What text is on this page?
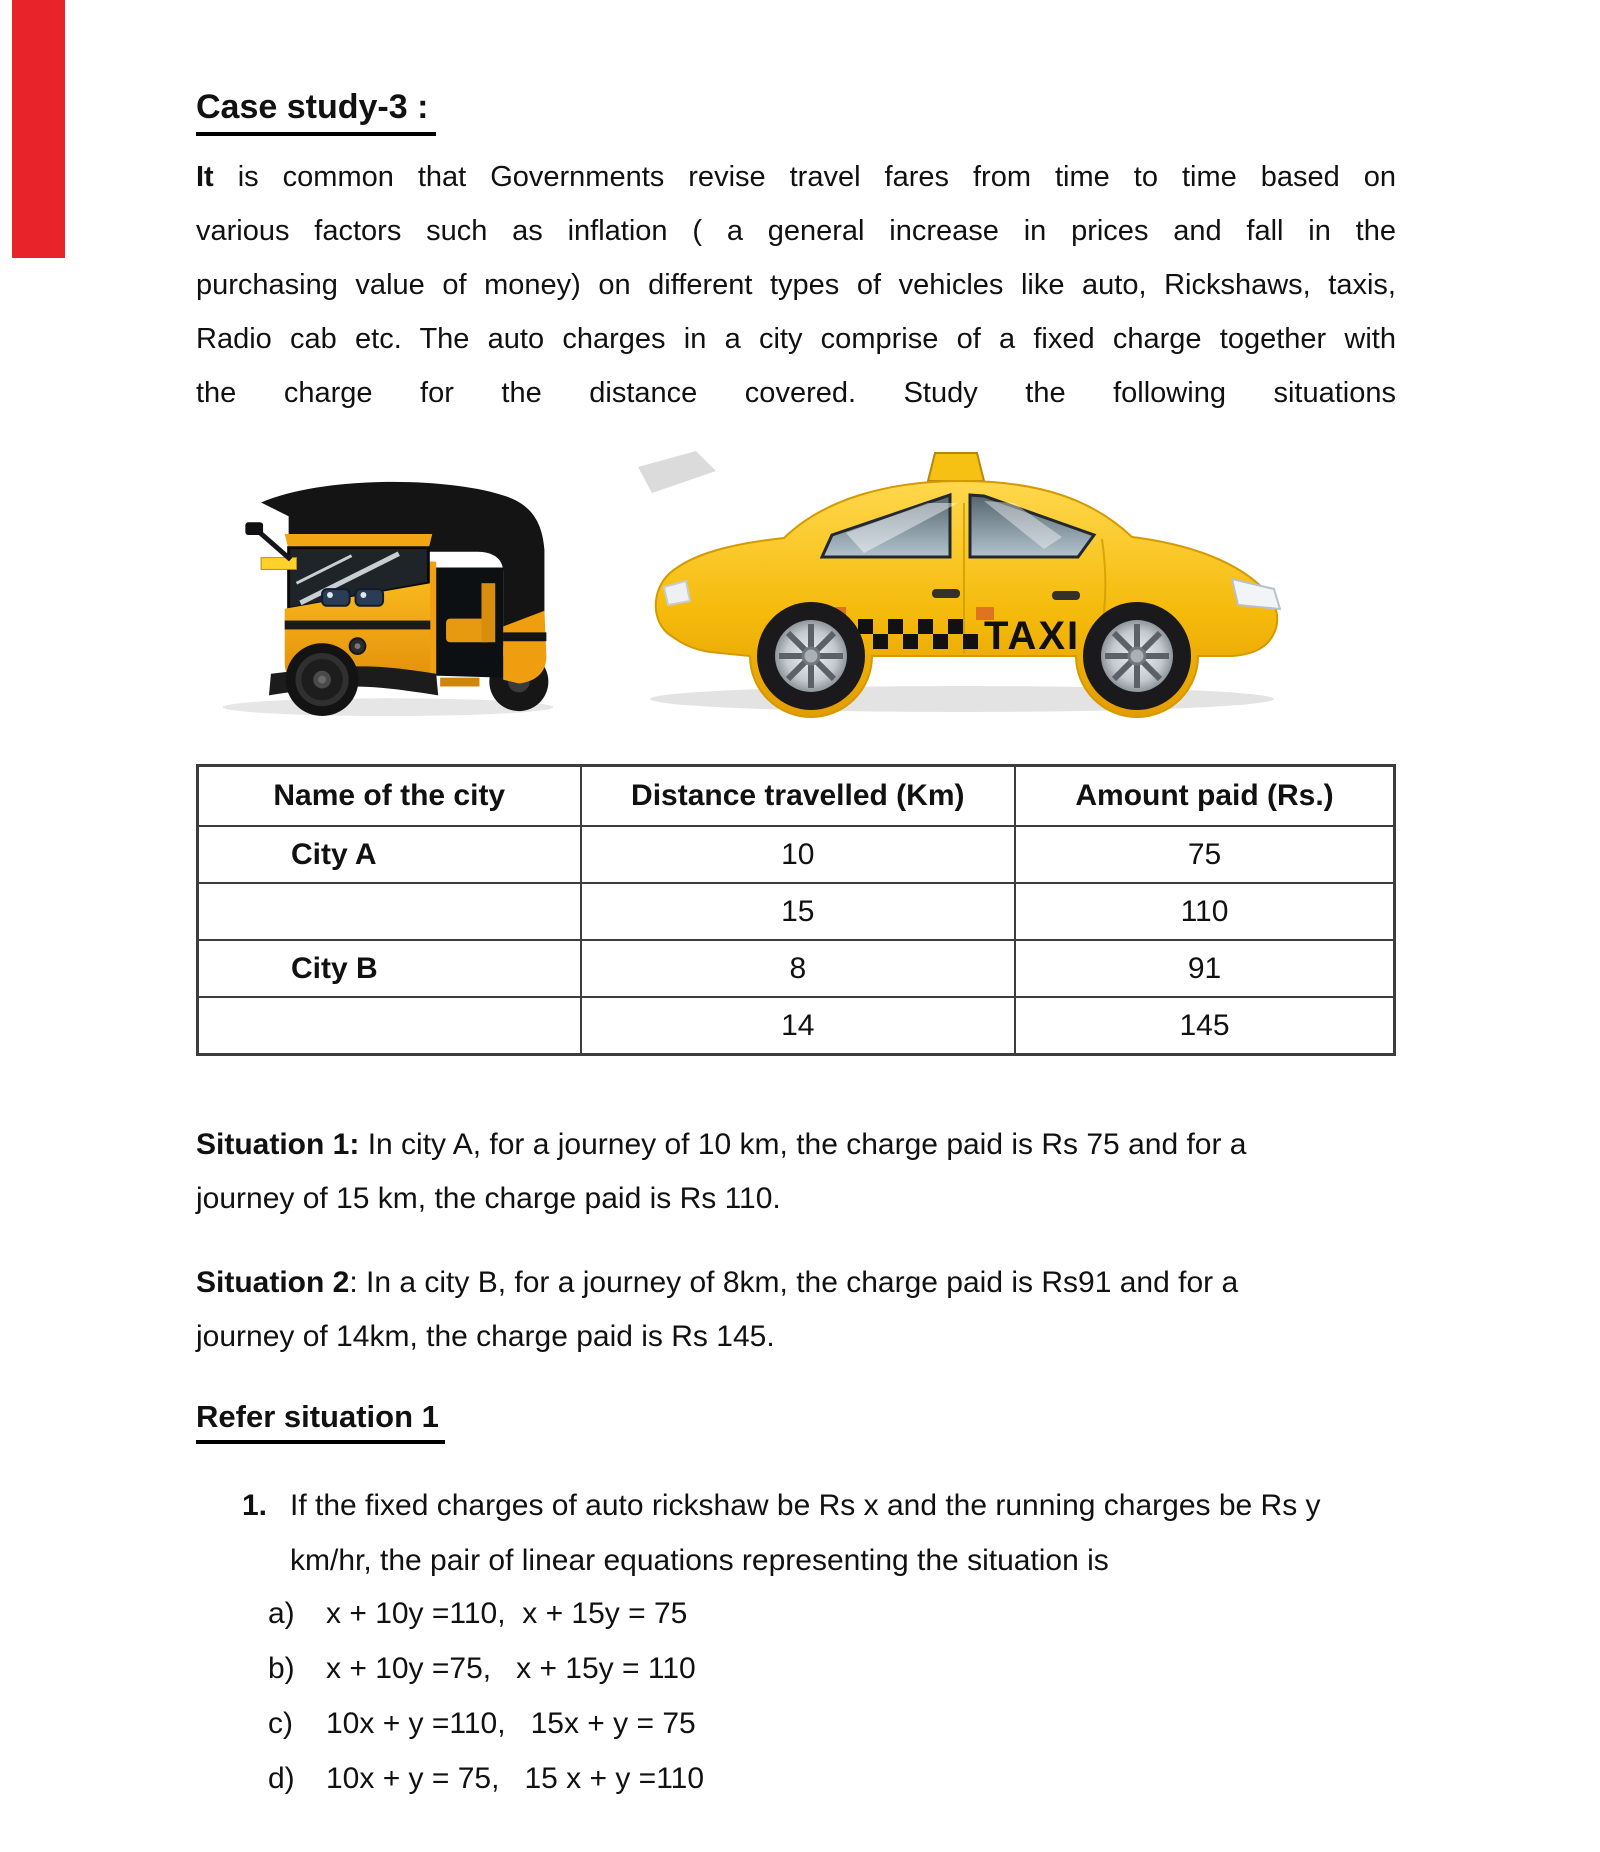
Case study-3 :
It is common that Governments revise travel fares from time to time based on
various factors such as inflation ( a general increase in prices and fall in the
purchasing value of money) on different types of vehicles like auto, Rickshaws, taxis,
Radio cab etc. The auto charges in a city comprise of a fixed charge together with
the charge for the distance covered. Study the following situations
TAXI
Name of the city	Distance travelled (Km)	Amount paid (Rs.)
City A	10	75
	15	110
City B	8	91
	14	145
Situation 1: In city A, for a journey of 10 km, the charge paid is Rs 75 and for a
journey of 15 km, the charge paid is Rs 110.
Situation 2: In a city B, for a journey of 8km, the charge paid is Rs91 and for a
journey of 14km, the charge paid is Rs 145.
Refer situation 1
1. If the fixed charges of auto rickshaw be Rs x and the running charges be Rs y
km/hr, the pair of linear equations representing the situation is
a) x + 10y =110,  x + 15y = 75
b) x + 10y =75,   x + 15y = 110
c) 10x + y =110,   15x + y = 75
d) 10x + y = 75,   15 x + y =110
